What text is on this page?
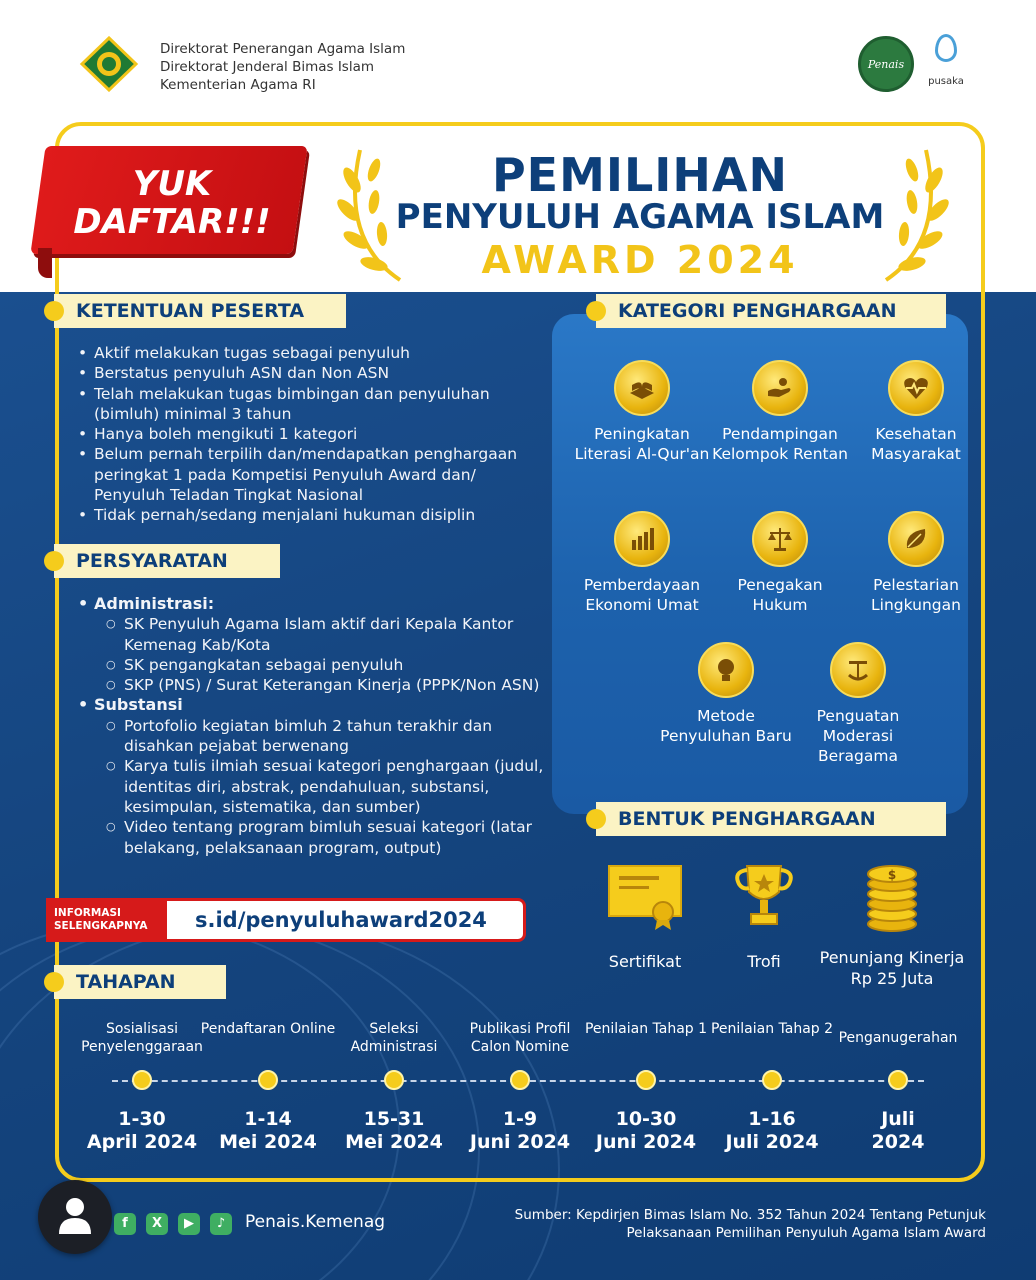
Direktorat Penerangan Agama Islam
Direktorat Jenderal Bimas Islam
Kementerian Agama RI
Penais
pusaka
YUK
DAFTAR!!!
PEMILIHAN
PENYULUH AGAMA ISLAM
AWARD 2024
KETENTUAN PESERTA
• Aktif melakukan tugas sebagai penyuluh
• Berstatus penyuluh ASN dan Non ASN
• Telah melakukan tugas bimbingan dan penyuluhan (bimluh) minimal 3 tahun
• Hanya boleh mengikuti 1 kategori
• Belum pernah terpilih dan/mendapatkan penghargaan peringkat 1 pada Kompetisi Penyuluh Award dan/ Penyuluh Teladan Tingkat Nasional
• Tidak pernah/sedang menjalani hukuman disiplin
PERSYARATAN
• Administrasi:
○ SK Penyuluh Agama Islam aktif dari Kepala Kantor Kemenag Kab/Kota
○ SK pengangkatan sebagai penyuluh
○ SKP (PNS) / Surat Keterangan Kinerja (PPPK/Non ASN)
• Substansi
○ Portofolio kegiatan bimluh 2 tahun terakhir dan disahkan pejabat berwenang
○ Karya tulis ilmiah sesuai kategori penghargaan (judul, identitas diri, abstrak, pendahuluan, substansi, kesimpulan, sistematika, dan sumber)
○ Video tentang program bimluh sesuai kategori (latar belakang, pelaksanaan program, output)
INFORMASI SELENGKAPNYA	s.id/penyuluhaward2024
KATEGORI PENGHARGAAN
Peningkatan Literasi Al-Qur'an
Pendampingan Kelompok Rentan
Kesehatan Masyarakat
Pemberdayaan Ekonomi Umat
Penegakan Hukum
Pelestarian Lingkungan
Metode Penyuluhan Baru
Penguatan Moderasi Beragama
BENTUK PENGHARGAAN
Sertifikat	Trofi
$
Penunjang Kinerja Rp 25 Juta
TAHAPAN
Sosialisasi Penyelenggaraan
1-30
April 2024
Pendaftaran Online
1-14
Mei 2024
Seleksi Administrasi
15-31
Mei 2024
Publikasi Profil Calon Nomine
1-9
Juni 2024
Penilaian Tahap 1
10-30
Juni 2024
Penilaian Tahap 2
1-16
Juli 2024
Penganugerahan
Juli
2024
f	X	▶	♪	Penais.Kemenag	Sumber: Kepdirjen Bimas Islam No. 352 Tahun 2024 Tentang Petunjuk Pelaksanaan Pemilihan Penyuluh Agama Islam Award
